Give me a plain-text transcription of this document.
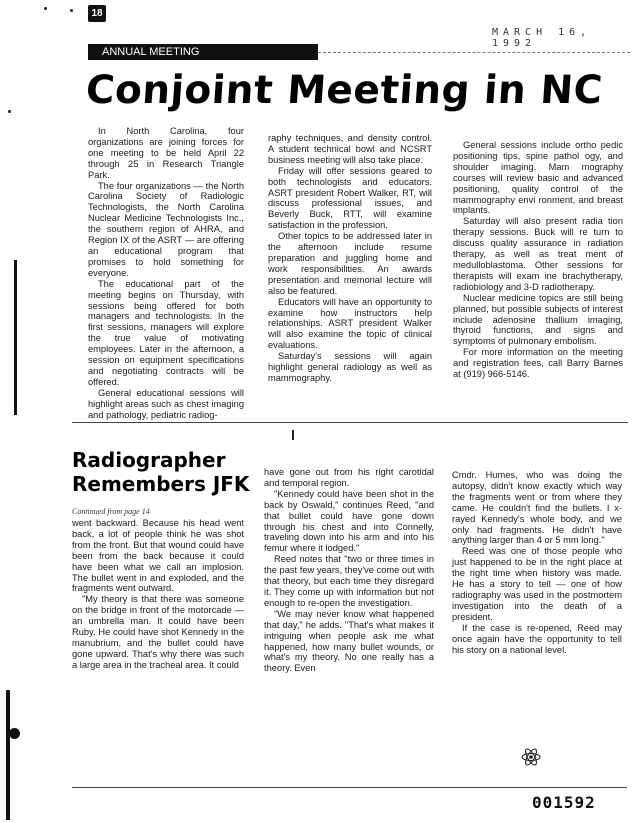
18
MARCH 16, 1992
ANNUAL MEETING
Conjoint Meeting in NC

In North Carolina, four organizations are joining forces for one meeting to be held April 22 through 25 in Research Triangle Park.

The four organizations — the North Carolina Society of Radiologic Technologists, the North Carolina Nuclear Medicine Technologists Inc., the southern region of AHRA, and Region IX of the ASRT — are offering an educational program that promises to hold something for everyone.

The educational part of the meeting begins on Thursday, with sessions being offered for both managers and technologists. In the first sessions, managers will explore the true value of motivating employees. Later in the afternoon, a session on equipment specifications and negotiating contracts will be offered.

General educational sessions will highlight areas such as chest imaging and pathology, pediatric radiog-

raphy techniques, and density control. A student technical bowl and NCSRT business meeting will also take place.

Friday will offer sessions geared to both technologists and educators. ASRT president Robert Walker, RT, will discuss professional issues, and Beverly Buck, RTT, will examine satisfaction in the profession.

Other topics to be addressed later in the afternoon include resume preparation and juggling home and work responsibilities. An awards presentation and memorial lecture will also be featured.

Educators will have an opportunity to examine how instructors help relationships. ASRT president Walker will also examine the topic of clinical evaluations.

Saturday's sessions will again highlight general radiology as well as mammography.

General sessions include ortho pedic positioning tips, spine pathol ogy, and shoulder imaging. Mam mography courses will review basic and advanced positioning, quality control of the mammography envi ronment, and breast implants.

Saturday will also present radia tion therapy sessions. Buck will re turn to discuss quality assurance in radiation therapy, as well as treat ment of medulloblastoma. Other sessions for therapists will exam ine brachytherapy, radiobiology and 3-D radiotherapy.

Nuclear medicine topics are still being planned, but possible subjects of interest include adenosine thallium imaging, thyroid functions, and signs and symptoms of pulmonary embolism.

For more information on the meeting and registration fees, call Barry Barnes at (919) 966-5146.

Radiographer
Remembers JFK
Continued from page 14

went backward. Because his head went back, a lot of people think he was shot from the front. But that wound could have been from the back because it could have been what we call an implosion. The bullet went in and exploded, and the fragments went outward.

"My theory is that there was someone on the bridge in front of the motorcade — an umbrella man. It could have been Ruby. He could have shot Kennedy in the manubrium, and the bullet could have gone upward. That's why there was such a large area in the tracheal area. It could

have gone out from his right carotidal and temporal region.

"Kennedy could have been shot in the back by Oswald," continues Reed, "and that bullet could have gone down through his chest and into Connelly, traveling down into his arm and into his femur where it lodged."

Reed notes that "two or three times in the past few years, they've come out with that theory, but each time they disregard it. They come up with information but not enough to re-open the investigation.

"We may never know what happened that day," he adds. "That's what makes it intriguing when people ask me what happened, how many bullet wounds, or what's my theory. No one really has a theory. Even

Cmdr. Humes, who was doing the autopsy, didn't know exactly which way the fragments went or from where they came. He couldn't find the bullets. I x-rayed Kennedy's whole body, and we only had fragments. He didn't have anything larger than 4 or 5 mm long."

Reed was one of those people who just happened to be in the right place at the right time when history was made. He has a story to tell — one of how radiography was used in the postmortem investigation into the death of a president.

If the case is re-opened, Reed may once again have the opportunity to tell his story on a national level.

001592
